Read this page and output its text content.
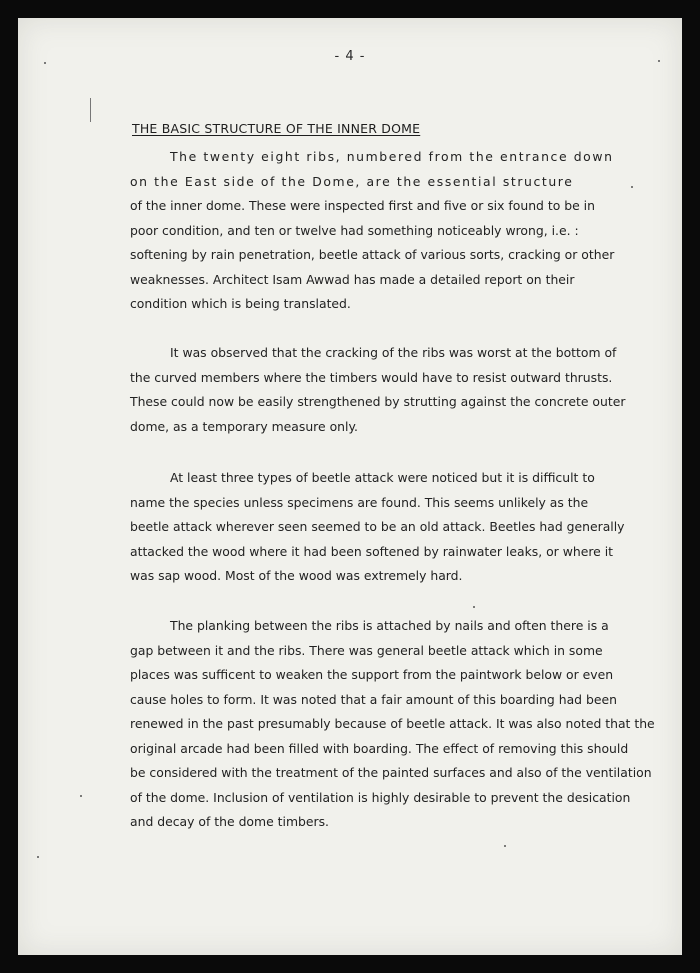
- 4 -
THE BASIC STRUCTURE OF THE INNER DOME
The twenty eight ribs, numbered from the entrance down
on the East side of the Dome, are the essential structure
of the inner dome. These were inspected first and five or six found to be in
poor condition, and ten or twelve had something noticeably wrong, i.e. :
softening by rain penetration, beetle attack of various sorts, cracking or other
weaknesses. Architect Isam Awwad has made a detailed report on their
condition which is being translated.
It was observed that the cracking of the ribs was worst at the bottom of
the curved members where the timbers would have to resist outward thrusts.
These could now be easily strengthened by strutting against the concrete outer
dome, as a temporary measure only.
At least three types of beetle attack were noticed but it is difficult to
name the species unless specimens are found. This seems unlikely as the
beetle attack wherever seen seemed to be an old attack. Beetles had generally
attacked the wood where it had been softened by rainwater leaks, or where it
was sap wood. Most of the wood was extremely hard.
The planking between the ribs is attached by nails and often there is a
gap between it and the ribs. There was general beetle attack which in some
places was sufficent to weaken the support from the paintwork below or even
cause holes to form. It was noted that a fair amount of this boarding had been
renewed in the past presumably because of beetle attack. It was also noted that the
original arcade had been filled with boarding. The effect of removing this should
be considered with the treatment of the painted surfaces and also of the ventilation
of the dome. Inclusion of ventilation is highly desirable to prevent the desication
and decay of the dome timbers.
